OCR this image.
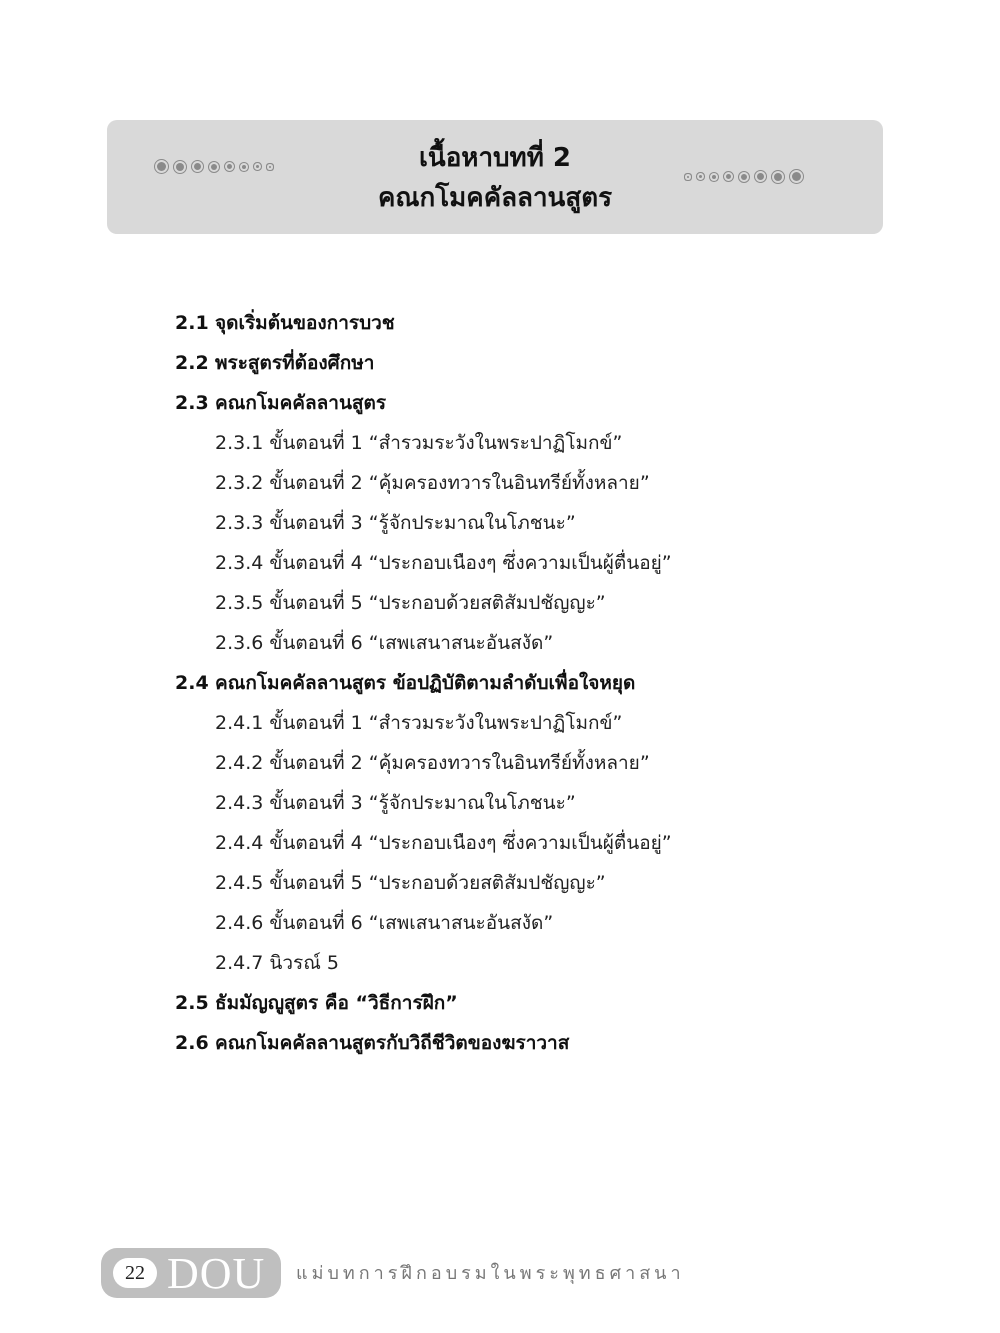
เนื้อหาบทที่ 2
คณกโมคคัลลานสูตร
2.1 จุดเริ่มต้นของการบวช
2.2 พระสูตรที่ต้องศึกษา
2.3 คณกโมคคัลลานสูตร
2.3.1 ขั้นตอนที่ 1 “สำรวมระวังในพระปาฏิโมกข์”
2.3.2 ขั้นตอนที่ 2 “คุ้มครองทวารในอินทรีย์ทั้งหลาย”
2.3.3 ขั้นตอนที่ 3 “รู้จักประมาณในโภชนะ”
2.3.4 ขั้นตอนที่ 4 “ประกอบเนืองๆ ซึ่งความเป็นผู้ตื่นอยู่”
2.3.5 ขั้นตอนที่ 5 “ประกอบด้วยสติสัมปชัญญะ”
2.3.6 ขั้นตอนที่ 6 “เสพเสนาสนะอันสงัด”
2.4 คณกโมคคัลลานสูตร ข้อปฏิบัติตามลำดับเพื่อใจหยุด
2.4.1 ขั้นตอนที่ 1 “สำรวมระวังในพระปาฏิโมกข์”
2.4.2 ขั้นตอนที่ 2 “คุ้มครองทวารในอินทรีย์ทั้งหลาย”
2.4.3 ขั้นตอนที่ 3 “รู้จักประมาณในโภชนะ”
2.4.4 ขั้นตอนที่ 4 “ประกอบเนืองๆ ซึ่งความเป็นผู้ตื่นอยู่”
2.4.5 ขั้นตอนที่ 5 “ประกอบด้วยสติสัมปชัญญะ”
2.4.6 ขั้นตอนที่ 6 “เสพเสนาสนะอันสงัด”
2.4.7 นิวรณ์ 5
2.5 ธัมมัญญูสูตร คือ “วิธีการฝึก”
2.6 คณกโมคคัลลานสูตรกับวิถีชีวิตของฆราวาส
22 DOU แม่บทการฝึกอบรมในพระพุทธศาสนา
